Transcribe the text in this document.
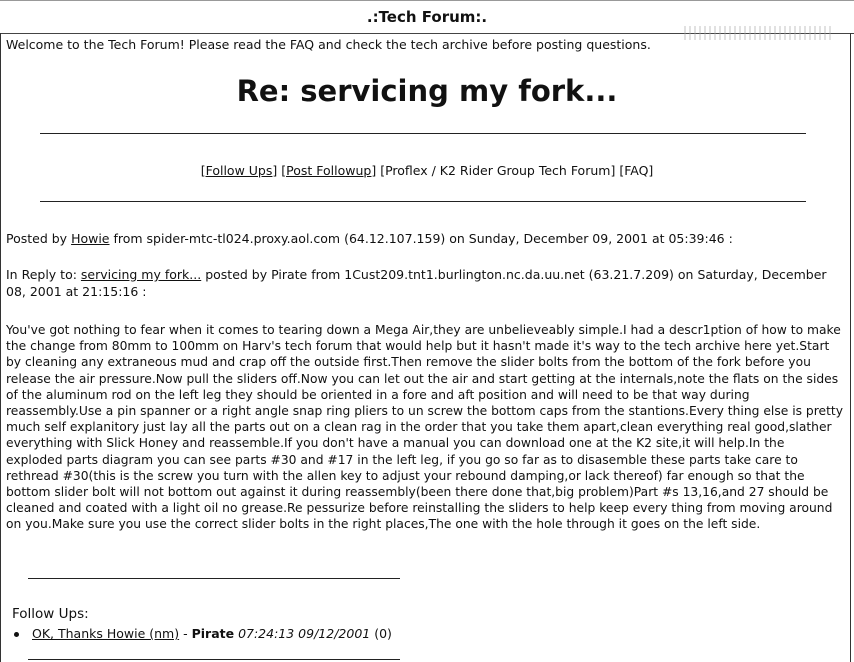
.:Tech Forum:.
Welcome to the Tech Forum! Please read the FAQ and check the tech archive before posting questions.
Re: servicing my fork...
[Follow Ups] [Post Followup] [Proflex / K2 Rider Group Tech Forum] [FAQ]
Posted by Howie from spider-mtc-tl024.proxy.aol.com (64.12.107.159) on Sunday, December 09, 2001 at 05:39:46 :
In Reply to: servicing my fork... posted by Pirate from 1Cust209.tnt1.burlington.nc.da.uu.net (63.21.7.209) on Saturday, December 08, 2001 at 21:15:16 :
You've got nothing to fear when it comes to tearing down a Mega Air,they are unbelieveably simple.I had a descr1ption of how to make the change from 80mm to 100mm on Harv's tech forum that would help but it hasn't made it's way to the tech archive here yet.Start by cleaning any extraneous mud and crap off the outside first.Then remove the slider bolts from the bottom of the fork before you release the air pressure.Now pull the sliders off.Now you can let out the air and start getting at the internals,note the flats on the sides of the aluminum rod on the left leg they should be oriented in a fore and aft position and will need to be that way during reassembly.Use a pin spanner or a right angle snap ring pliers to un screw the bottom caps from the stantions.Every thing else is pretty much self explanitory just lay all the parts out on a clean rag in the order that you take them apart,clean everything real good,slather everything with Slick Honey and reassemble.If you don't have a manual you can download one at the K2 site,it will help.In the exploded parts diagram you can see parts #30 and #17 in the left leg, if you go so far as to disasemble these parts take care to rethread #30(this is the screw you turn with the allen key to adjust your rebound damping,or lack thereof) far enough so that the bottom slider bolt will not bottom out against it during reassembly(been there done that,big problem)Part #s 13,16,and 27 should be cleaned and coated with a light oil no grease.Re pessurize before reinstalling the sliders to help keep every thing from moving around on you.Make sure you use the correct slider bolts in the right places,The one with the hole through it goes on the left side.
Follow Ups:
OK, Thanks Howie (nm) - Pirate 07:24:13 09/12/2001 (0)
